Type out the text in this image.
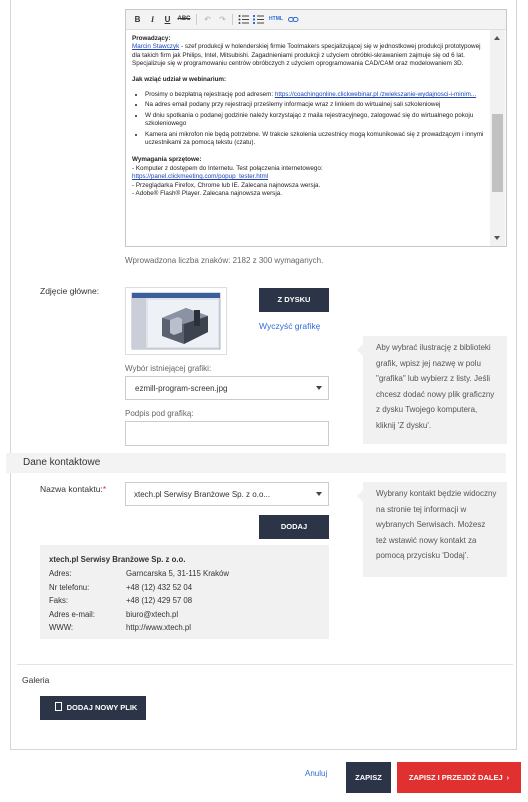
B	I	U	ABC ↶ ↷	HTML

Prowadzący:

Marcin Stawczyk - szef produkcji w holenderskiej firmie Toolmakers specjalizującej się w jednostkowej produkcji prototypowej dla takich firm jak Philips, Intel, Mitsubishi. Zagadnieniami produkcji z użyciem obróbki-skrawaniem zajmuje się od 6 lat. Specjalizuje się w programowaniu centrów obróbczych z użyciem oprogramowania CAD/CAM oraz modelowaniem 3D.

Jak wziąć udział w webinarium:

• Prosimy o bezpłatną rejestrację pod adresem: https://coachingonline.clickwebinar.pl /zwiekszanie-wydajnosci-i-minim...
• Na adres email podany przy rejestracji prześlemy informacje wraz z linkiem do wirtualnej sali szkoleniowej
• W dniu spotkania o podanej godzinie należy korzystając z maila rejestracyjnego, zalogować się do wirtualnego pokoju szkoleniowego
• Kamera ani mikrofon nie będą potrzebne. W trakcie szkolenia uczestnicy mogą komunikować się z prowadzącym i innymi uczestnikami za pomocą tekstu (czatu).

Wymagania sprzętowe:

- Komputer z dostępem do Internetu. Test połączenia internetowego:

https://panel.clickmeeting.com/popup_tester.html

- Przeglądarka Firefox, Chrome lub IE. Zalecana najnowsza wersja.

- Adobe® Flash® Player. Zalecana najnowsza wersja.

Wprowadzona liczba znaków: 2182 z 300 wymaganych.
Zdjęcie główne:
Z DYSKU
Wyczyść grafikę
Wybór istniejącej grafiki:
ezmill-program-screen.jpg
Podpis pod grafiką:
Aby wybrać ilustrację z biblioteki grafik, wpisz jej nazwę w polu "grafika" lub wybierz z listy. Jeśli chcesz dodać nowy plik graficzny z dysku Twojego komputera, kliknij 'Z dysku'.
Dane kontaktowe
Nazwa kontaktu:*
xtech.pl Serwisy Branżowe Sp. z o.o...
DODAJ
Wybrany kontakt będzie widoczny na stronie tej informacji w wybranych Serwisach. Możesz też wstawić nowy kontakt za pomocą przycisku 'Dodaj'.
xtech.pl Serwisy Branżowe Sp. z o.o.
Adres:	Garncarska 5, 31-115 Kraków
Nr telefonu:	+48 (12) 432 52 04
Faks:	+48 (12) 429 57 08
Adres e-mail:	biuro@xtech.pl
WWW:	http://www.xtech.pl
Galeria
DODAJ NOWY PLIK
Anuluj	ZAPISZ	ZAPISZ I PRZEJDŹ DALEJ ›
